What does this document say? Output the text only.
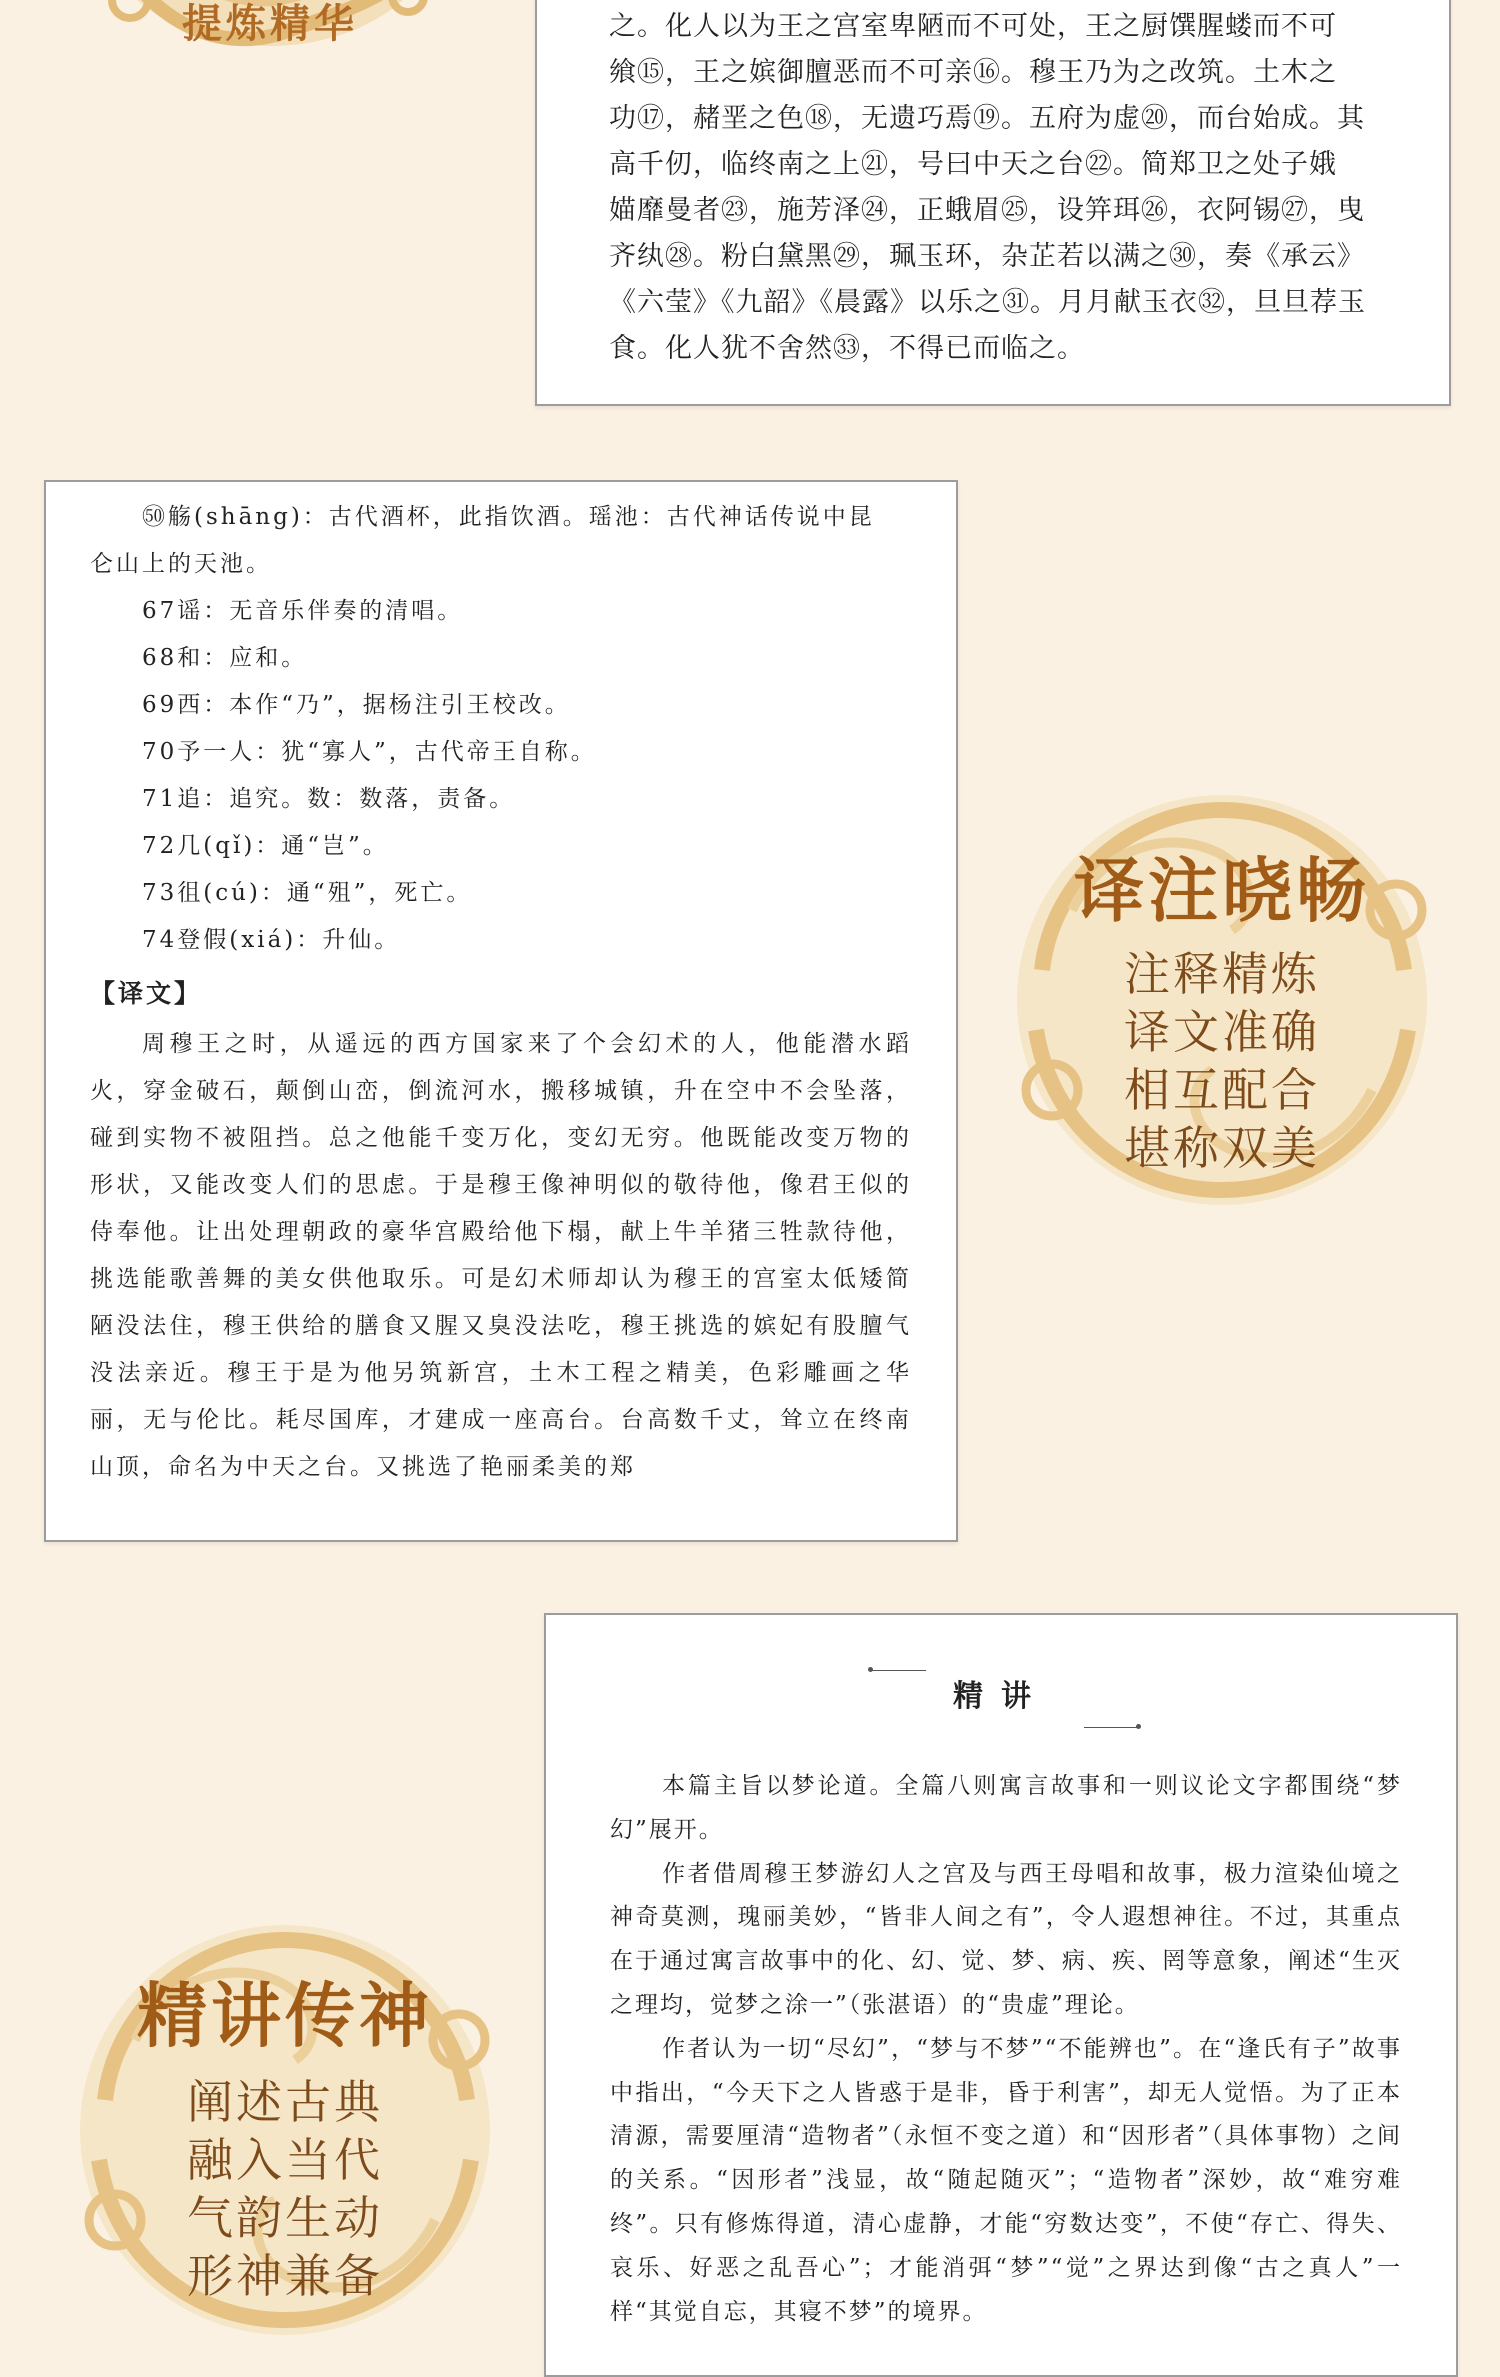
提炼精华	之。化人以为王之宫室卑陋而不可处，王之厨馔腥蝼而不可

飨⑮，王之嫔御膻恶而不可亲⑯。穆王乃为之改筑。土木之

功⑰，赭垩之色⑱，无遗巧焉⑲。五府为虚⑳，而台始成。其

高千仞，临终南之上㉑，号曰中天之台㉒。简郑卫之处子娥

媌靡曼者㉓，施芳泽㉔，正蛾眉㉕，设笄珥㉖，衣阿锡㉗，曳

齐纨㉘。粉白黛黑㉙，珮玉环，杂芷若以满之㉚，奏《承云》

《六莹》《九韶》《晨露》以乐之㉛。月月献玉衣㉜，旦旦荐玉

食。化人犹不舍然㉝，不得已而临之。

㊿觞(shāng)：古代酒杯，此指饮酒。瑶池：古代神话传说中昆

仑山上的天池。

67谣：无音乐伴奏的清唱。

68和：应和。

69西：本作“乃”，据杨注引王校改。

70予一人：犹“寡人”，古代帝王自称。

71追：追究。数：数落，责备。

72几(qǐ)：通“岂”。

73徂(cú)：通“殂”，死亡。

74登假(xiá)：升仙。

【译文】

周穆王之时，从遥远的西方国家来了个会幻术的人，他能潜水蹈火，穿金破石，颠倒山峦，倒流河水，搬移城镇，升在空中不会坠落，碰到实物不被阻挡。总之他能千变万化，变幻无穷。他既能改变万物的形状，又能改变人们的思虑。于是穆王像神明似的敬待他，像君王似的侍奉他。让出处理朝政的豪华宫殿给他下榻，献上牛羊猪三牲款待他，挑选能歌善舞的美女供他取乐。可是幻术师却认为穆王的宫室太低矮简陋没法住，穆王供给的膳食又腥又臭没法吃，穆王挑选的嫔妃有股膻气没法亲近。穆王于是为他另筑新宫，土木工程之精美，色彩雕画之华丽，无与伦比。耗尽国库，才建成一座高台。台高数千丈，耸立在终南山顶，命名为中天之台。又挑选了艳丽柔美的郑

译注晓畅
注释精炼
译文准确
相互配合
堪称双美
精讲

本篇主旨以梦论道。全篇八则寓言故事和一则议论文字都围绕“梦幻”展开。

作者借周穆王梦游幻人之宫及与西王母唱和故事，极力渲染仙境之神奇莫测，瑰丽美妙，“皆非人间之有”，令人遐想神往。不过，其重点在于通过寓言故事中的化、幻、觉、梦、病、疾、罔等意象，阐述“生灭之理均，觉梦之涂一”（张湛语）的“贵虚”理论。

作者认为一切“尽幻”，“梦与不梦”“不能辨也”。在“逢氏有子”故事中指出，“今天下之人皆惑于是非，昏于利害”，却无人觉悟。为了正本清源，需要厘清“造物者”（永恒不变之道）和“因形者”（具体事物）之间的关系。“因形者”浅显，故“随起随灭”；“造物者”深妙，故“难穷难终”。只有修炼得道，清心虚静，才能“穷数达变”，不使“存亡、得失、哀乐、好恶之乱吾心”；才能消弭“梦”“觉”之界达到像“古之真人”一样“其觉自忘，其寝不梦”的境界。

精讲传神
阐述古典
融入当代
气韵生动
形神兼备
